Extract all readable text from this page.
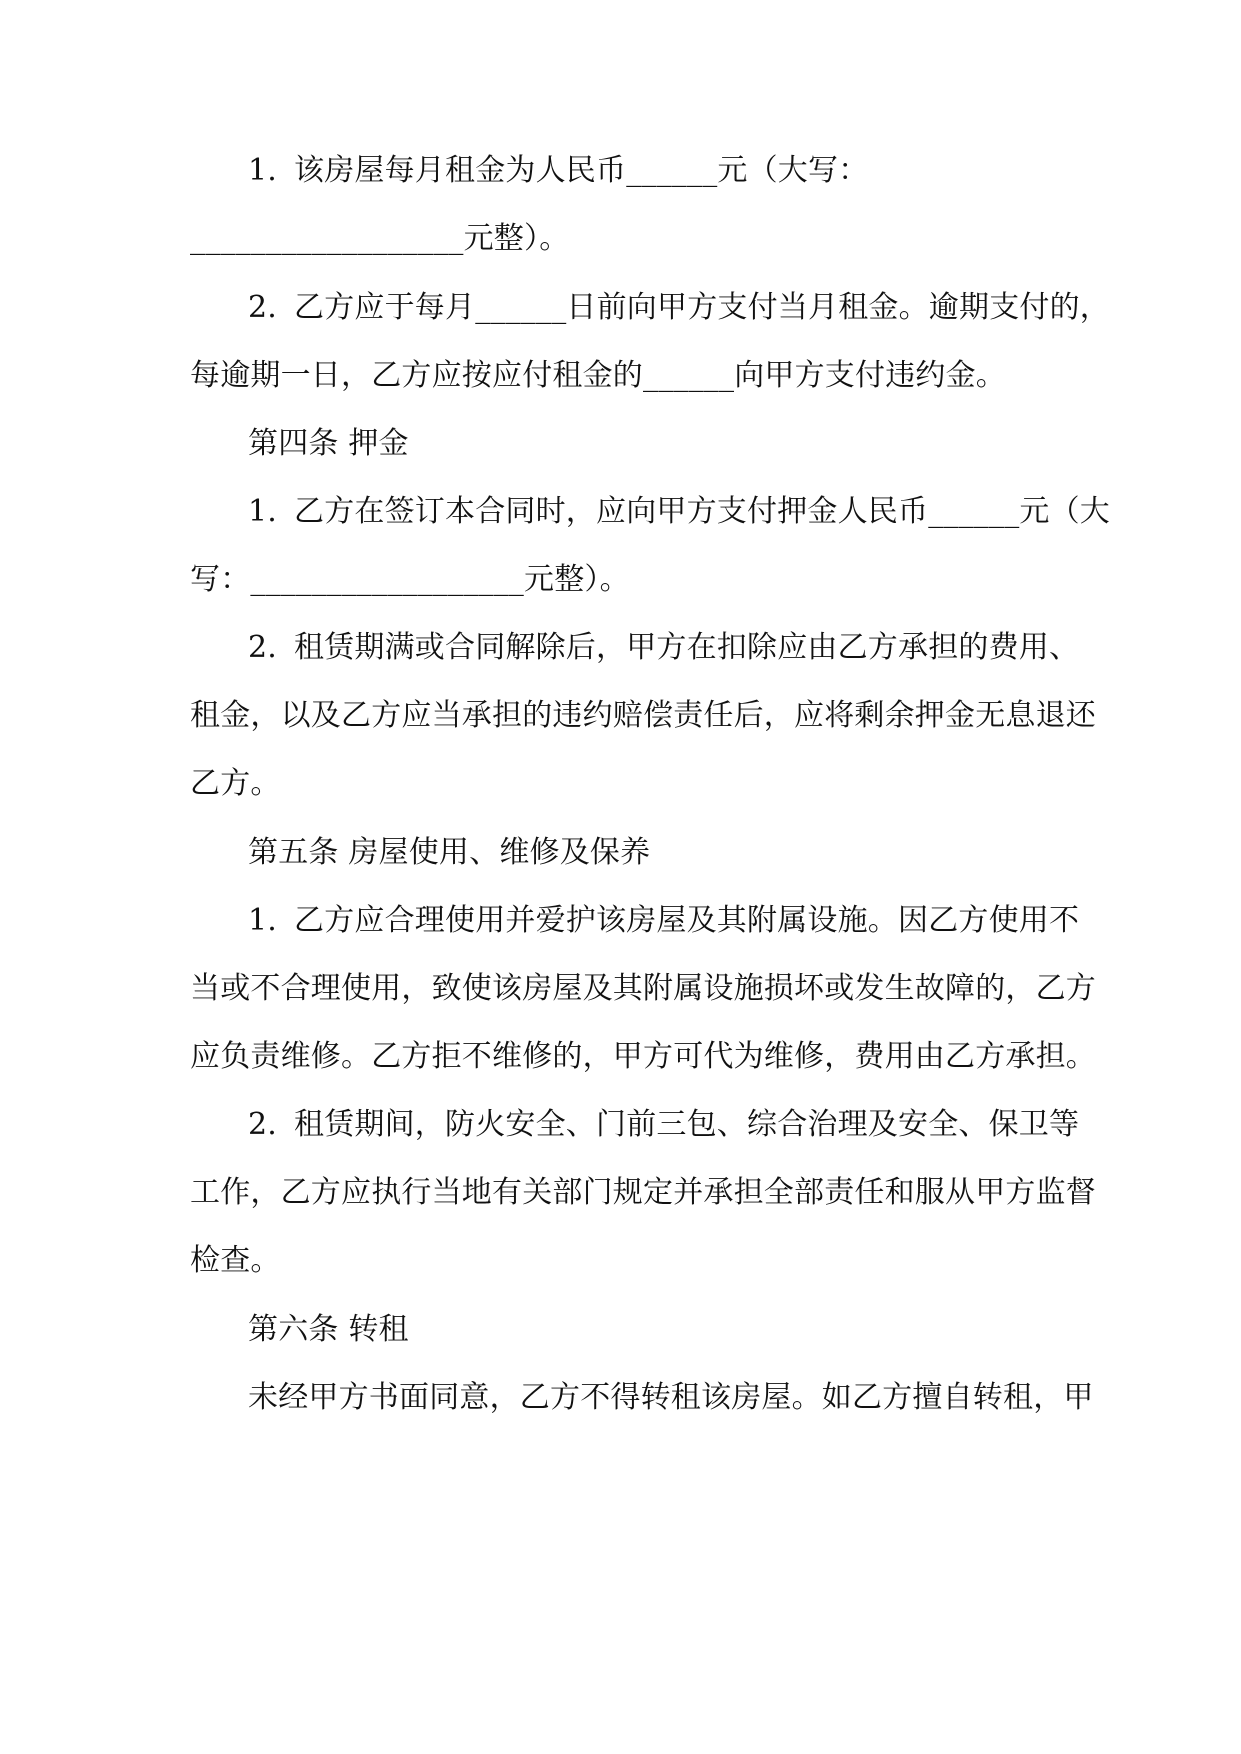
1. 该房屋每月租金为人民币______元（大写：
__________________元整）。
2. 乙方应于每月______日前向甲方支付当月租金。逾期支付的，
每逾期一日，乙方应按应付租金的______向甲方支付违约金。
第四条 押金
1. 乙方在签订本合同时，应向甲方支付押金人民币______元（大
写：__________________元整）。
2. 租赁期满或合同解除后，甲方在扣除应由乙方承担的费用、
租金，以及乙方应当承担的违约赔偿责任后，应将剩余押金无息退还
乙方。
第五条 房屋使用、维修及保养
1. 乙方应合理使用并爱护该房屋及其附属设施。因乙方使用不
当或不合理使用，致使该房屋及其附属设施损坏或发生故障的，乙方
应负责维修。乙方拒不维修的，甲方可代为维修，费用由乙方承担。
2. 租赁期间，防火安全、门前三包、综合治理及安全、保卫等
工作，乙方应执行当地有关部门规定并承担全部责任和服从甲方监督
检查。
第六条 转租
未经甲方书面同意，乙方不得转租该房屋。如乙方擅自转租，甲
